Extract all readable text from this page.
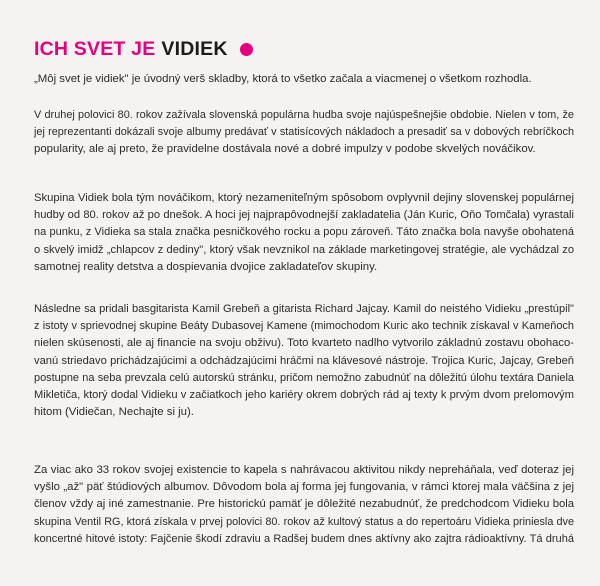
ICH SVET JE VIDIEK
„Môj svet je vidiek" je úvodný verš skladby, ktorá to všetko začala a viacmenej o všetkom rozhodla.
V druhej polovici 80. rokov zažívala slovenská populárna hudba svoje najúspešnejšie obdobie. Nielen v tom, že
jej reprezentanti dokázali svoje albumy predávať v statisícových nákladoch a presadiť sa v dobových rebríčkoch
popularity, ale aj preto, že pravidelne dostávala nové a dobré impulzy v podobe skvelých nováčikov.
Skupina Vidiek bola tým nováčikom, ktorý nezameniteľným spôsobom ovplyvnil dejiny slovenskej populárnej
hudby od 80. rokov až po dnešok. A hoci jej najprapôvodnejší zakladatelia (Ján Kuric, Oňo Tomčala) vyrastali
na punku, z Vidieka sa stala značka pesničkového rocku a popu zároveň. Táto značka bola navyše obohatená
o skvelý imidž „chlapcov z dediny", ktorý však nevznikol na základe marketingovej stratégie, ale vychádzal zo
samotnej reality detstva a dospievania dvojice zakladateľov skupiny.
Následne sa pridali basgitarista Kamil Grebeň a gitarista Richard Jajcay. Kamil do neistého Vidieku „prestúpil"
z istoty v sprievodnej skupine Beáty Dubasovej Kamene (mimochodom Kuric ako technik získaval v Kameňoch
nielen skúsenosti, ale aj financie na svoju obživu). Toto kvarteto nadlho vytvorilo základnú zostavu obohaco-
vanú striedavo prichádzajúcimi a odchádzajúcimi hráčmi na klávesové nástroje. Trojica Kuric, Jajcay, Grebeň
postupne na seba prevzala celú autorskú stránku, pričom nemožno zabudnúť na dôležitú úlohu textára Daniela
Mikletiča, ktorý dodal Vidieku v začiatkoch jeho kariéry okrem dobrých rád aj texty k prvým dvom prelomovým
hitom (Vidiečan, Nechajte si ju).
Za viac ako 33 rokov svojej existencie to kapela s nahrávacou aktivitou nikdy nepreháňala, veď doteraz jej
vyšlo „až" päť štúdiových albumov. Dôvodom bola aj forma jej fungovania, v rámci ktorej mala väčšina z jej
členov vždy aj iné zamestnanie. Pre historickú pamäť je dôležité nezabudnúť, že predchodcom Vidieku bola
skupina Ventil RG, ktorá získala v prvej polovici 80. rokov až kultový status a do repertoáru Vidieka priniesla dve
koncertné hitové istoty: Fajčenie škodí zdraviu a Radšej budem dnes aktívny ako zajtra rádioaktívny. Tá druhá
